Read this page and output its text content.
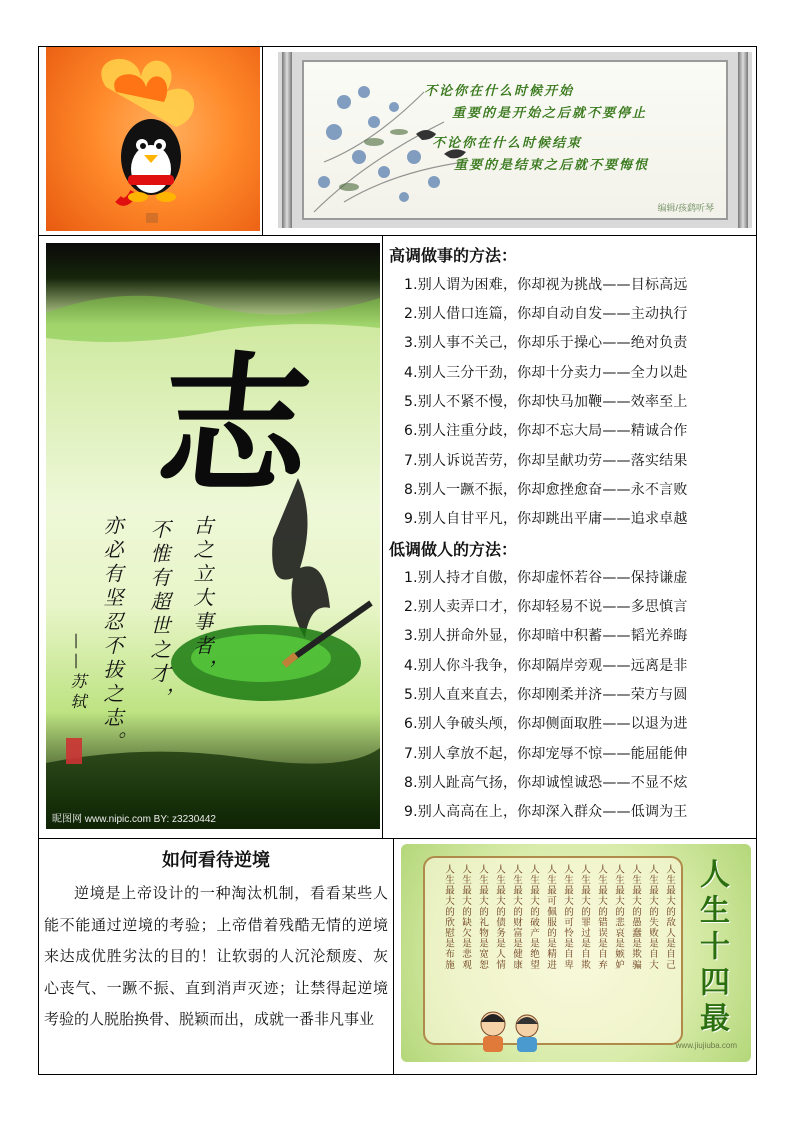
不论你在什么时候开始
重要的是开始之后就不要停止
不论你在什么时候结束
重要的是结束之后就不要悔恨
编辑/孩鹞听琴
志
古之立大事者，
不惟有超世之才，
亦必有坚忍不拔之志。
——苏轼
昵图网 www.nipic.com BY: z3230442
高调做事的方法：
1.别人谓为困难，你却视为挑战——目标高远
2.别人借口连篇，你却自动自发——主动执行
3.别人事不关己，你却乐于操心——绝对负责
4.别人三分干劲，你却十分卖力——全力以赴
5.别人不紧不慢，你却快马加鞭——效率至上
6.别人注重分歧，你却不忘大局——精诚合作
7.别人诉说苦劳，你却呈献功劳——落实结果
8.别人一蹶不振，你却愈挫愈奋——永不言败
9.别人自甘平凡，你却跳出平庸——追求卓越
低调做人的方法：
1.别人持才自傲，你却虚怀若谷——保持谦虚
2.别人卖弄口才，你却轻易不说——多思慎言
3.别人拼命外显，你却暗中积蓄——韬光养晦
4.别人你斗我争，你却隔岸旁观——远离是非
5.别人直来直去，你却刚柔并济——荣方与圆
6.别人争破头颅，你却侧面取胜——以退为进
7.别人拿放不起，你却宠辱不惊——能屈能伸
8.别人趾高气扬，你却诚惶诚恐——不显不炫
9.别人高高在上，你却深入群众——低调为王
如何看待逆境
逆境是上帝设计的一种淘汰机制，看看某些人能不能通过逆境的考验；上帝借着残酷无情的逆境来达成优胜劣汰的目的！让软弱的人沉沦颓废、灰心丧气、一蹶不振、直到消声灭迹；让禁得起逆境考验的人脱胎换骨、脱颖而出，成就一番非凡事业
人生最大的敌人是自己
人生最大的失败是自大
人生最大的愚蠢是欺骗
人生最大的悲哀是嫉妒
人生最大的错误是自弃
人生最大的罪过是自欺
人生最大的可怜是自卑
人生最可佩服的是精进
人生最大的破产是绝望
人生最大的财富是健康
人生最大的债务是人情
人生最大的礼物是宽恕
人生最大的缺欠是悲观
人生最大的欣慰是布施	人生十四最
www.jiujiuba.com
